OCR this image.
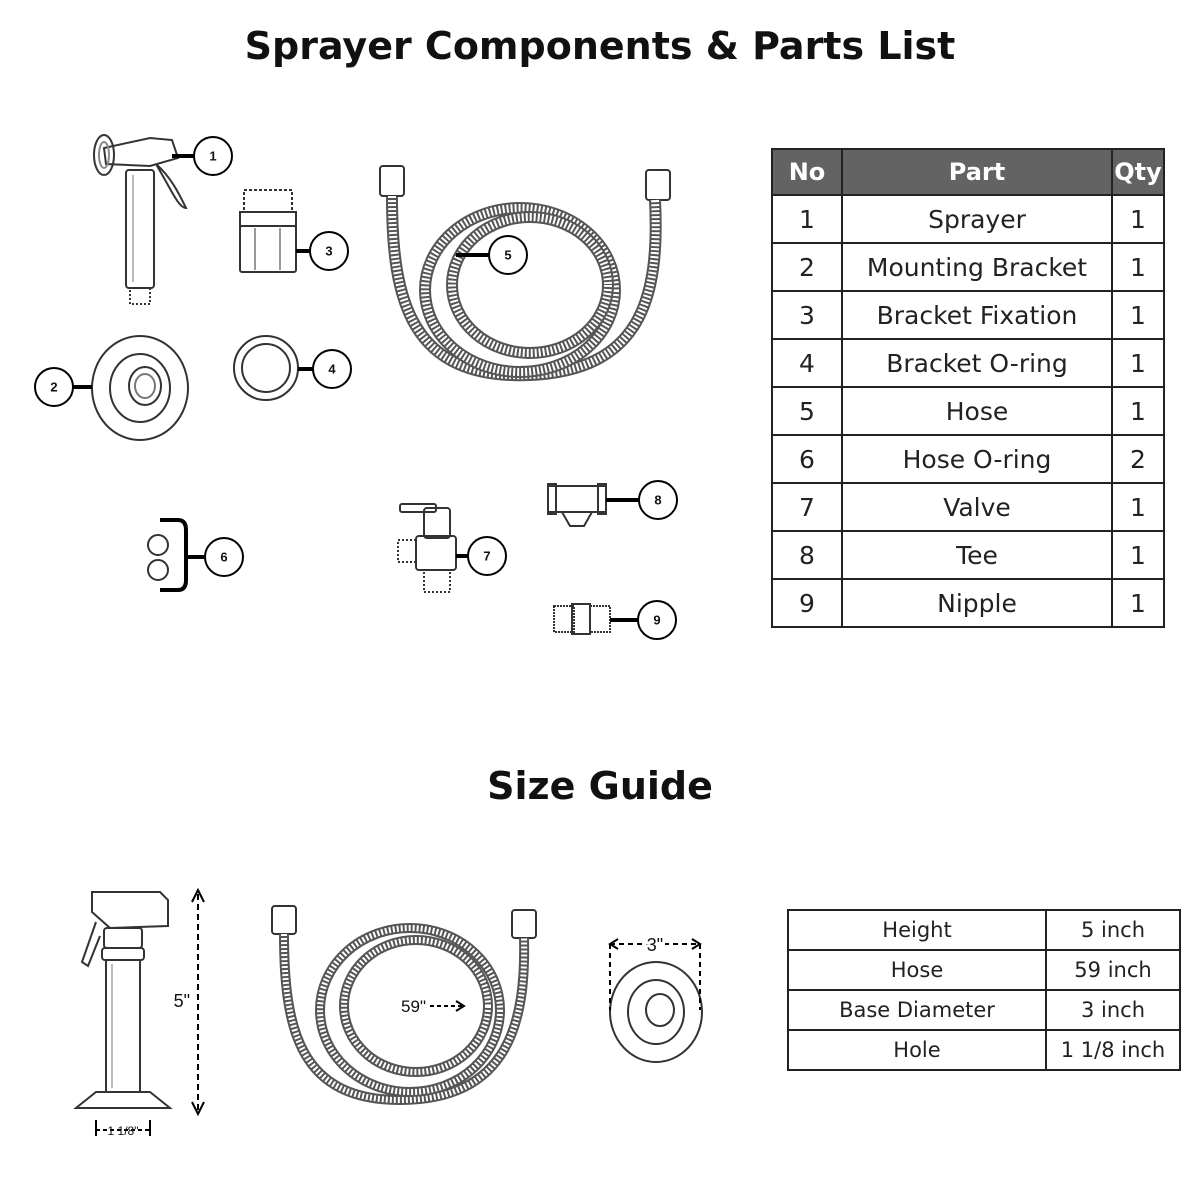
Sprayer Components & Parts List
Size Guide
1
2
3
4
5
6	7
8
9
5"
1 1/8"
59"
3"
No	Part	Qty
1	Sprayer	1
2	Mounting Bracket	1
3	Bracket Fixation	1
4	Bracket O-ring	1
5	Hose	1
6	Hose O-ring	2
7	Valve	1
8	Tee	1
9	Nipple	1
Height	5 inch
Hose	59 inch
Base Diameter	3 inch
Hole	1 1/8 inch
